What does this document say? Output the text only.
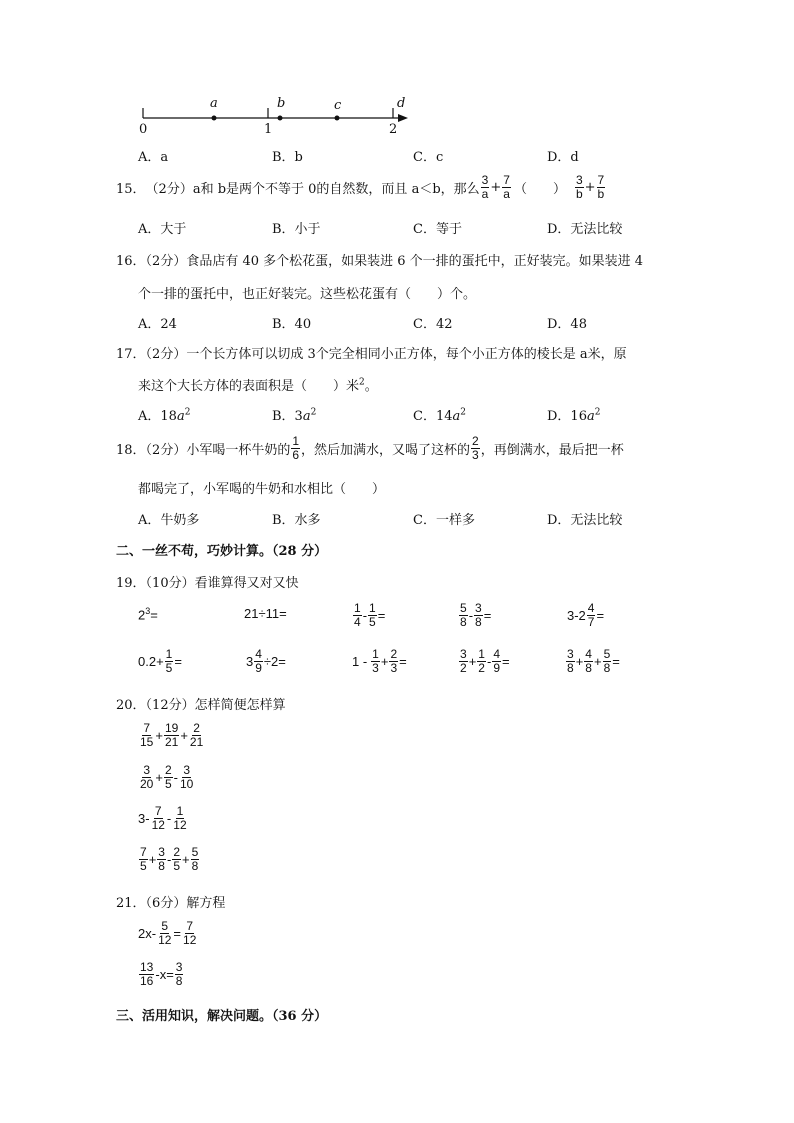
0	1	2
a	b	c	d
A．a	B．b	C．c	D．d
15． （2分） a和 b是两个不等于 0的自然数，而且 a＜b，那么 $\frac{3}{a} + \frac{7}{a}$ （　　） $\frac{3}{b} + \frac{7}{b}$
A．大于	B．小于	C．等于	D．无法比较
16．（2分）食品店有 40 多个松花蛋，如果装进 6 个一排的蛋托中，正好装完。如果装进 4
个一排的蛋托中，也正好装完。这些松花蛋有（　　）个。
A．24	B．40	C．42	D．48
17．（2分）一个长方体可以切成 3个完全相同小正方体，每个小正方体的棱长是 a米，原
来这个大长方体的表面积是（　　）米$^2$。
A．$18a^2$	B．$3a^2$	C．$14a^2$	D．$16a^2$
18．（2分）小军喝一杯牛奶的 $\frac{1}{6}$ ，然后加满水，又喝了这杯的 $\frac{2}{3}$ ，再倒满水，最后把一杯
都喝完了，小军喝的牛奶和水相比（　　）
A．牛奶多	B．水多	C．一样多	D．无法比较
二、一丝不苟，巧妙计算。（28 分）
19．（10分）看谁算得又对又快
$2^3=$	21÷11=	$\frac{1}{4} - \frac{1}{5}$ =	$\frac{5}{8} - \frac{3}{8}$ =	$3-2 \frac{4}{7}$ =
$0.2+ \frac{1}{5}$ =	$3 \frac{4}{9} \div 2=$	$1 - \frac{1}{3} + \frac{2}{3}$ =	$\frac{3}{2} + \frac{1}{2} - \frac{4}{9}$ =	$\frac{3}{8} + \frac{4}{8} + \frac{5}{8}$ =
20．（12分）怎样简便怎样算
$\frac{7}{15} + \frac{19}{21} + \frac{2}{21}$
$\frac{3}{20} + \frac{2}{5} - \frac{3}{10}$
$3- \frac{7}{12} - \frac{1}{12}$
$\frac{7}{5} + \frac{3}{8} - \frac{2}{5} + \frac{5}{8}$
21．（6分）解方程
$2x- \frac{5}{12} = \frac{7}{12}$
$\frac{13}{16} -x= \frac{3}{8}$
三、活用知识，解决问题。（36 分）
